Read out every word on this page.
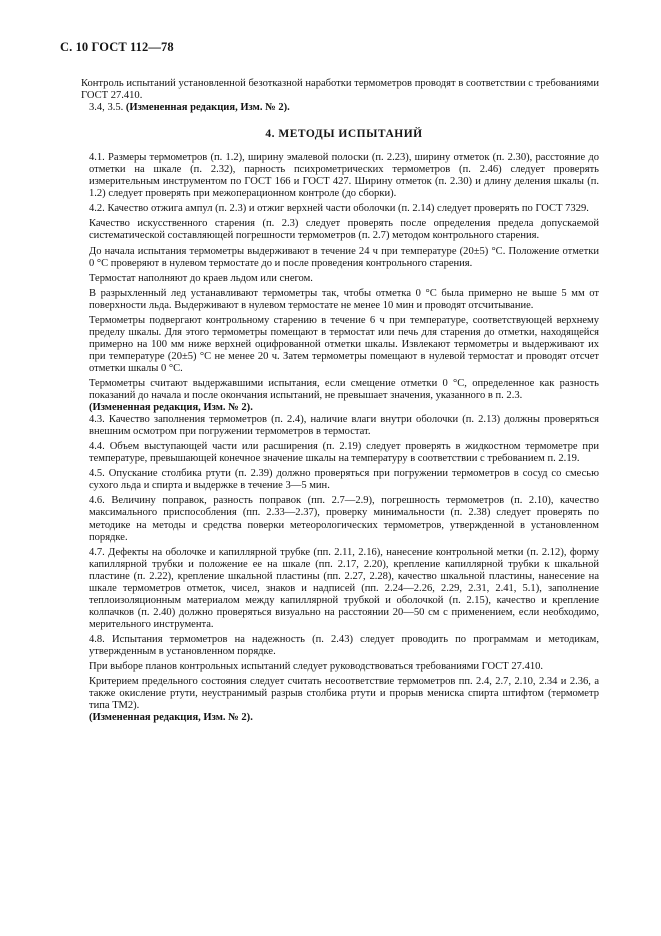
С. 10 ГОСТ 112—78

Контроль испытаний установленной безотказной наработки термометров проводят в соответствии с требованиями ГОСТ 27.410.

3.4, 3.5. (Измененная редакция, Изм. № 2).

4. МЕТОДЫ ИСПЫТАНИЙ

4.1. Размеры термометров (п. 1.2), ширину эмалевой полоски (п. 2.23), ширину отметок (п. 2.30), расстояние до отметки на шкале (п. 2.32), парность психрометрических термометров (п. 2.46) следует проверять измерительным инструментом по ГОСТ 166 и ГОСТ 427. Ширину отметок (п. 2.30) и длину деления шкалы (п. 1.2) следует проверять при межоперационном контроле (до сборки).

4.2. Качество отжига ампул (п. 2.3) и отжиг верхней части оболочки (п. 2.14) следует проверять по ГОСТ 7329.

Качество искусственного старения (п. 2.3) следует проверять после определения предела допускаемой систематической составляющей погрешности термометров (п. 2.7) методом контрольного старения.

До начала испытания термометры выдерживают в течение 24 ч при температуре (20±5) °С. Положение отметки 0 °С проверяют в нулевом термостате до и после проведения контрольного старения.

Термостат наполняют до краев льдом или снегом.

В разрыхленный лед устанавливают термометры так, чтобы отметка 0 °С была примерно не выше 5 мм от поверхности льда. Выдерживают в нулевом термостате не менее 10 мин и проводят отсчитывание.

Термометры подвергают контрольному старению в течение 6 ч при температуре, соответствующей верхнему пределу шкалы. Для этого термометры помещают в термостат или печь для старения до отметки, находящейся примерно на 100 мм ниже верхней оцифрованной отметки шкалы. Извлекают термометры и выдерживают их при температуре (20±5) °С не менее 20 ч. Затем термометры помещают в нулевой термостат и проводят отсчет отметки шкалы 0 °С.

Термометры считают выдержавшими испытания, если смещение отметки 0 °С, определенное как разность показаний до начала и после окончания испытаний, не превышает значения, указанного в п. 2.3.

(Измененная редакция, Изм. № 2).

4.3. Качество заполнения термометров (п. 2.4), наличие влаги внутри оболочки (п. 2.13) должны проверяться внешним осмотром при погружении термометров в термостат.

4.4. Объем выступающей части или расширения (п. 2.19) следует проверять в жидкостном термометре при температуре, превышающей конечное значение шкалы на температуру в соответствии с требованием п. 2.19.

4.5. Опускание столбика ртути (п. 2.39) должно проверяться при погружении термометров в сосуд со смесью сухого льда и спирта и выдержке в течение 3—5 мин.

4.6. Величину поправок, разность поправок (пп. 2.7—2.9), погрешность термометров (п. 2.10), качество максимального приспособления (пп. 2.33—2.37), проверку минимальности (п. 2.38) следует проверять по методике на методы и средства поверки метеорологических термометров, утвержденной в установленном порядке.

4.7. Дефекты на оболочке и капиллярной трубке (пп. 2.11, 2.16), нанесение контрольной метки (п. 2.12), форму капиллярной трубки и положение ее на шкале (пп. 2.17, 2.20), крепление капиллярной трубки к шкальной пластине (п. 2.22), крепление шкальной пластины (пп. 2.27, 2.28), качество шкальной пластины, нанесение на шкале термометров отметок, чисел, знаков и надписей (пп. 2.24—2.26, 2.29, 2.31, 2.41, 5.1), заполнение теплоизоляционным материалом между капиллярной трубкой и оболочкой (п. 2.15), качество и крепление колпачков (п. 2.40) должно проверяться визуально на расстоянии 20—50 см с применением, если необходимо, мерительного инструмента.

4.8. Испытания термометров на надежность (п. 2.43) следует проводить по программам и методикам, утвержденным в установленном порядке.

При выборе планов контрольных испытаний следует руководствоваться требованиями ГОСТ 27.410.

Критерием предельного состояния следует считать несоответствие термометров пп. 2.4, 2.7, 2.10, 2.34 и 2.36, а также окисление ртути, неустранимый разрыв столбика ртути и прорыв мениска спирта штифтом (термометр типа ТМ2).

(Измененная редакция, Изм. № 2).
